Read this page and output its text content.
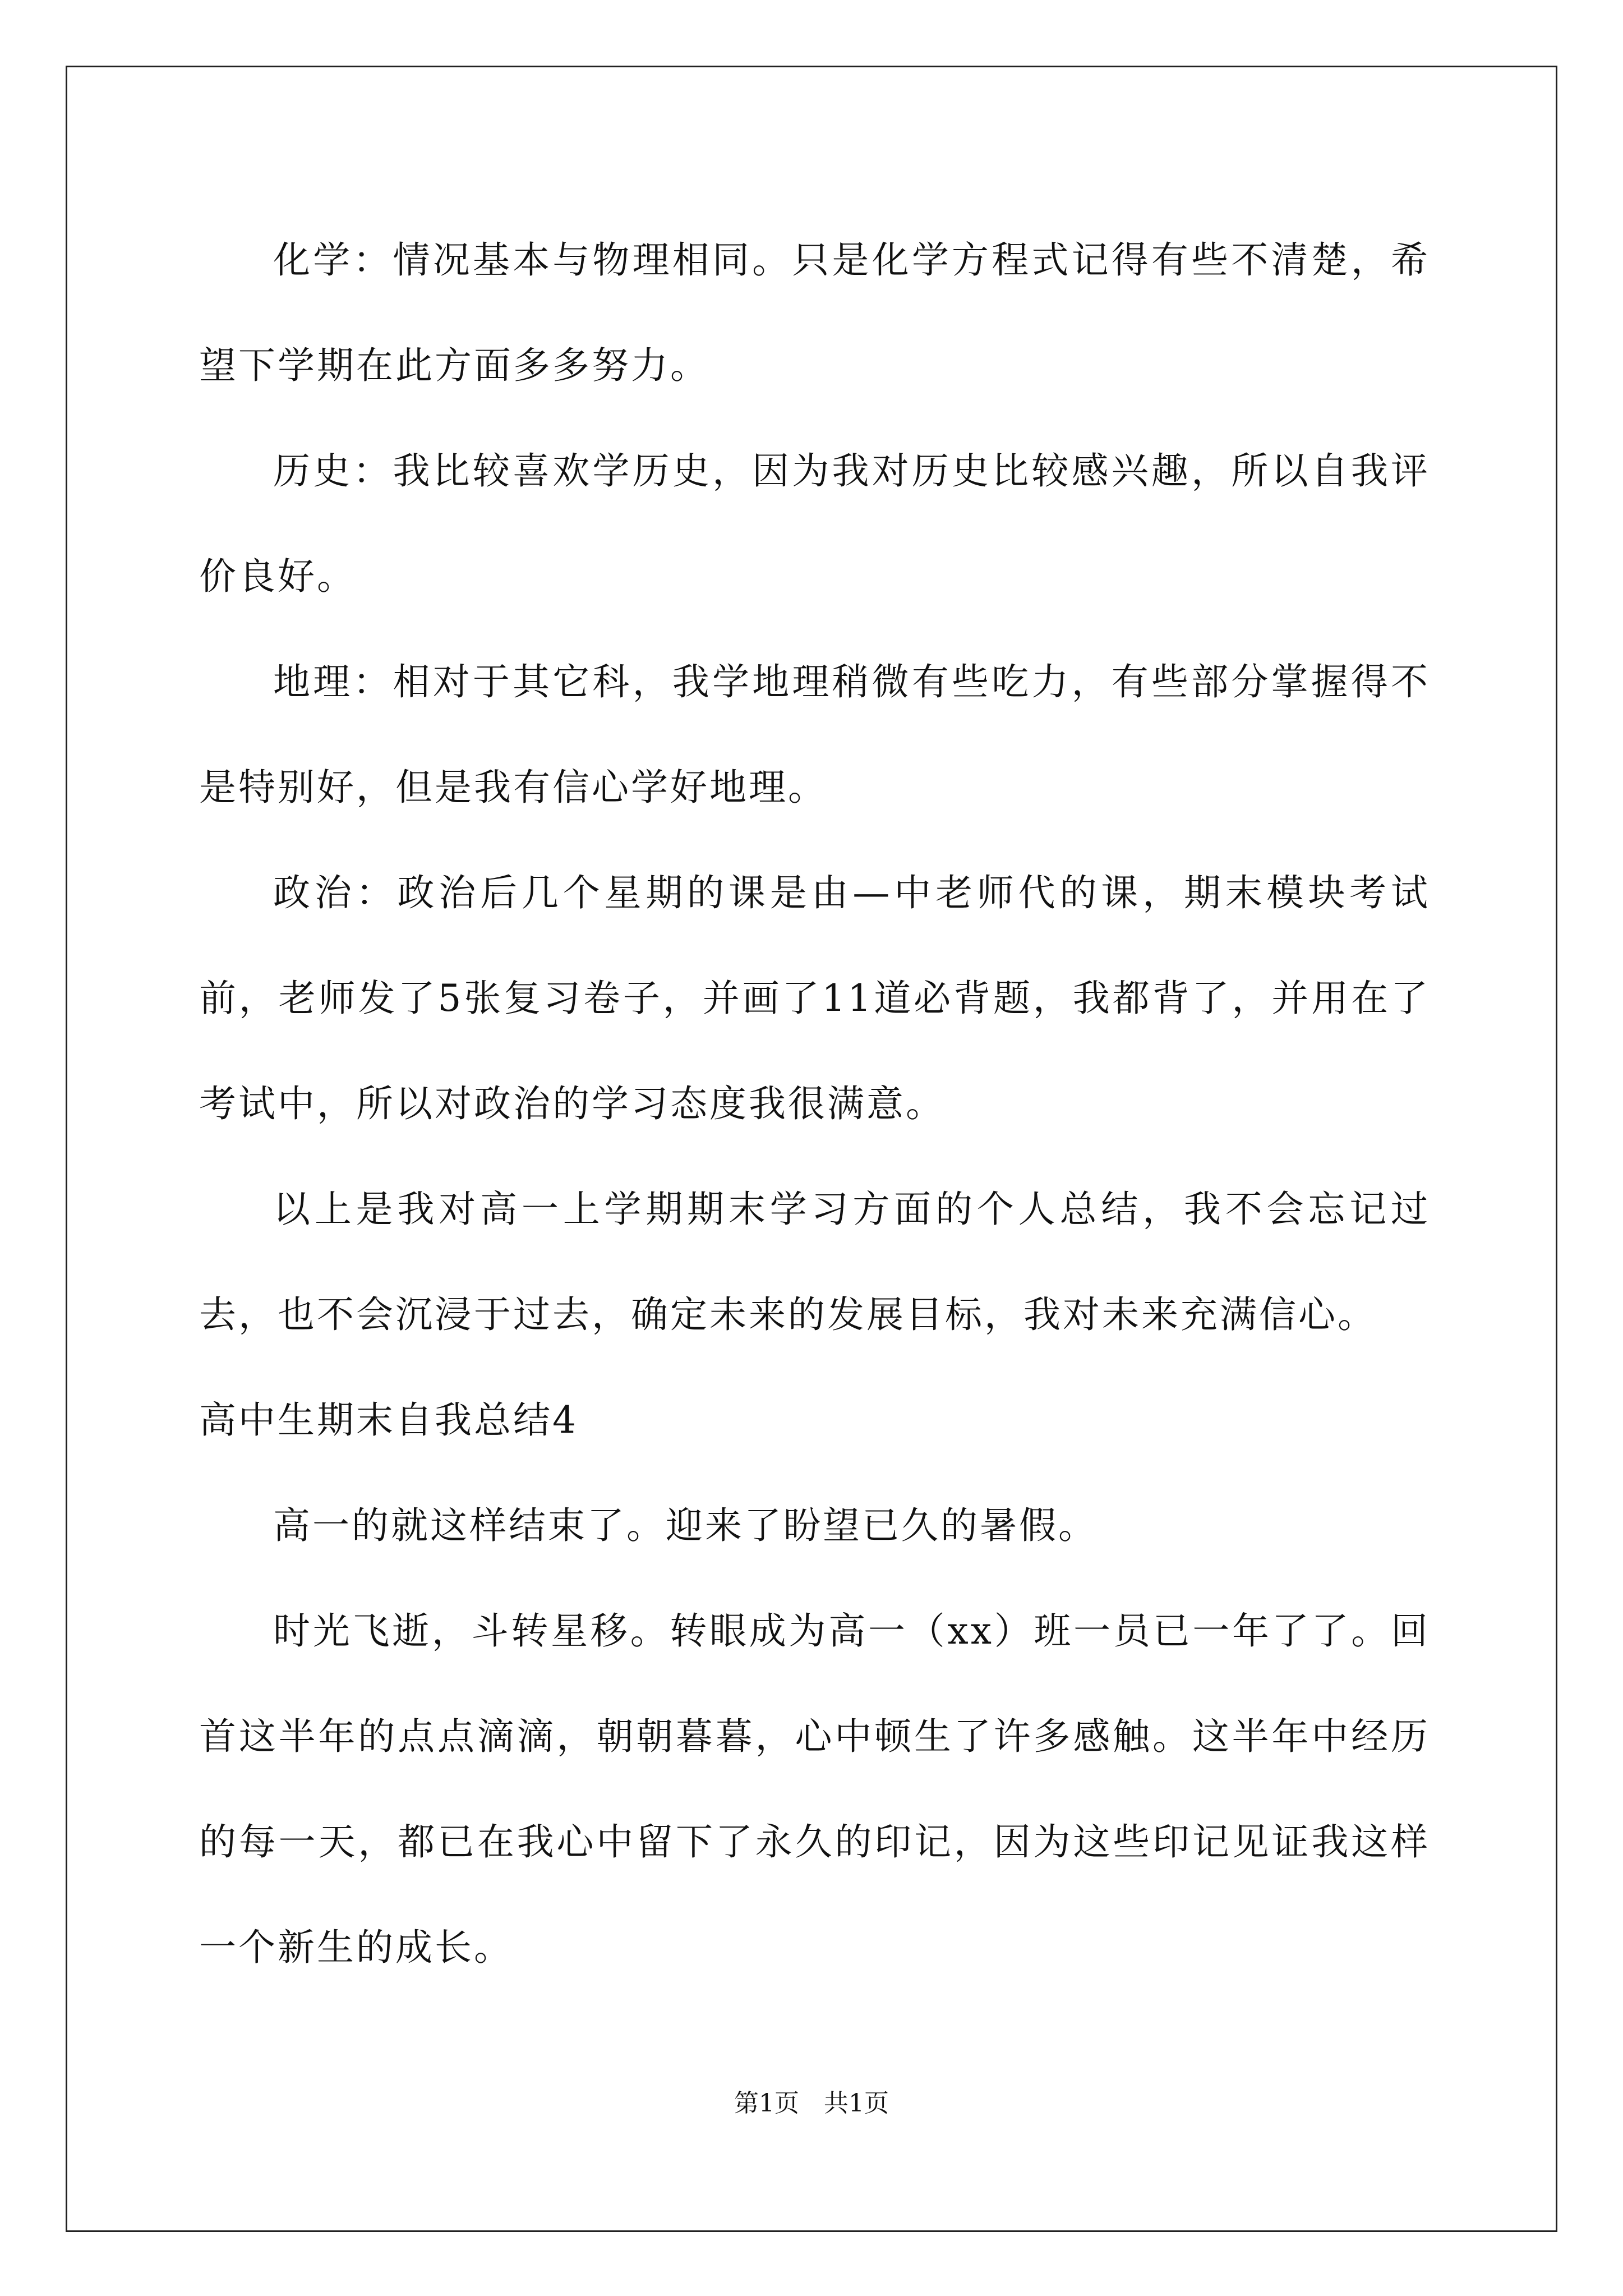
化学：情况基本与物理相同。只是化学方程式记得有些不清楚，希望下学期在此方面多多努力。

历史：我比较喜欢学历史，因为我对历史比较感兴趣，所以自我评价良好。

地理：相对于其它科，我学地理稍微有些吃力，有些部分掌握得不是特别好，但是我有信心学好地理。

政治：政治后几个星期的课是由—中老师代的课，期末模块考试前，老师发了5张复习卷子，并画了11道必背题，我都背了，并用在了考试中，所以对政治的学习态度我很满意。

以上是我对高一上学期期末学习方面的个人总结，我不会忘记过去，也不会沉浸于过去，确定未来的发展目标，我对未来充满信心。

高中生期末自我总结4

高一的就这样结束了。迎来了盼望已久的暑假。

时光飞逝，斗转星移。转眼成为高一（xx）班一员已一年了了。回首这半年的点点滴滴，朝朝暮暮，心中顿生了许多感触。这半年中经历的每一天，都已在我心中留下了永久的印记，因为这些印记见证我这样一个新生的成长。

第1页　共1页
